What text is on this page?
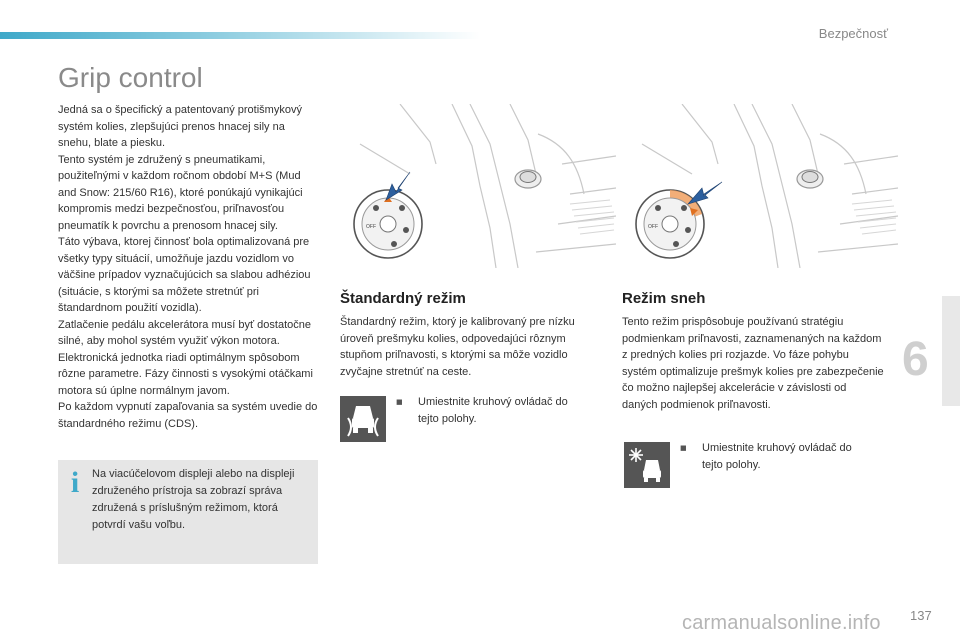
Bezpečnosť
Grip control

Jedná sa o špecifický a patentovaný protišmykový systém kolies, zlepšujúci prenos hnacej sily na snehu, blate a piesku.

Tento systém je združený s pneumatikami, použiteľnými v každom ročnom období M+S (Mud and Snow: 215/60 R16), ktoré ponúkajú vynikajúci kompromis medzi bezpečnosťou, priľnavosťou pneumatík k povrchu a prenosom hnacej sily.

Táto výbava, ktorej činnosť bola optimalizovaná pre všetky typy situácií, umožňuje jazdu vozidlom vo väčšine prípadov vyznačujúcich sa slabou adhéziou (situácie, s ktorými sa môžete stretnúť pri štandardnom použití vozidla).

Zatlačenie pedálu akcelerátora musí byť dostatočne silné, aby mohol systém využiť výkon motora. Elektronická jednotka riadi optimálnym spôsobom rôzne parametre. Fázy činnosti s vysokými otáčkami motora sú úplne normálnym javom.

Po každom vypnutí zapaľovania sa systém uvedie do štandardného režimu (CDS).

i Na viacúčelovom displeji alebo na displeji združeného prístroja sa zobrazí správa združená s príslušným režimom, ktorá potvrdí vašu voľbu.

OFF	OFF
Štandardný režim

Štandardný režim, ktorý je kalibrovaný pre nízku úroveň prešmyku kolies, odpovedajúci rôznym stupňom priľnavosti, s ktorými sa môže vozidlo zvyčajne stretnúť na ceste.

■	Umiestnite kruhový ovládač do tejto polohy.
Režim sneh

Tento režim prispôsobuje používanú stratégiu podmienkam priľnavosti, zaznamenaných na každom z predných kolies pri rozjazde. Vo fáze pohybu systém optimalizuje prešmyk kolies pre zabezpečenie čo možno najlepšej akcelerácie v závislosti od daných podmienok priľnavosti.

■	Umiestnite kruhový ovládač do tejto polohy.
6
137
carmanualsonline.info
